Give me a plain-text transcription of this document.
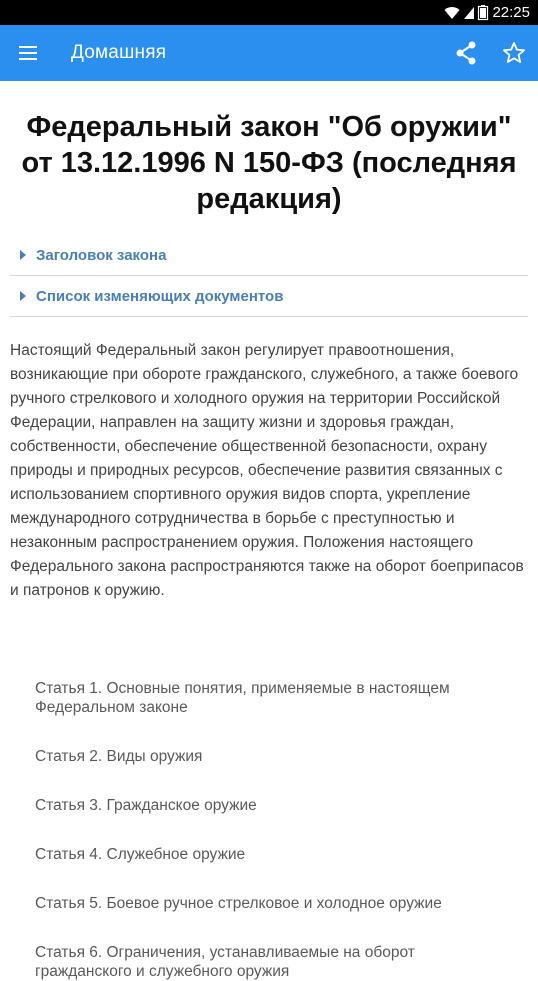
22:25
Домашняя
Федеральный закон "Об оружии" от 13.12.1996 N 150-ФЗ (последняя редакция)
Заголовок закона
Список изменяющих документов

Настоящий Федеральный закон регулирует правоотношения, возникающие при обороте гражданского, служебного, а также боевого ручного стрелкового и холодного оружия на территории Российской Федерации, направлен на защиту жизни и здоровья граждан, собственности, обеспечение общественной безопасности, охрану природы и природных ресурсов, обеспечение развития связанных с использованием спортивного оружия видов спорта, укрепление международного сотрудничества в борьбе с преступностью и незаконным распространением оружия. Положения настоящего Федерального закона распространяются также на оборот боеприпасов и патронов к оружию.

Статья 1. Основные понятия, применяемые в настоящем Федеральном законе
Статья 2. Виды оружия
Статья 3. Гражданское оружие
Статья 4. Служебное оружие
Статья 5. Боевое ручное стрелковое и холодное оружие
Статья 6. Ограничения, устанавливаемые на оборот гражданского и служебного оружия
